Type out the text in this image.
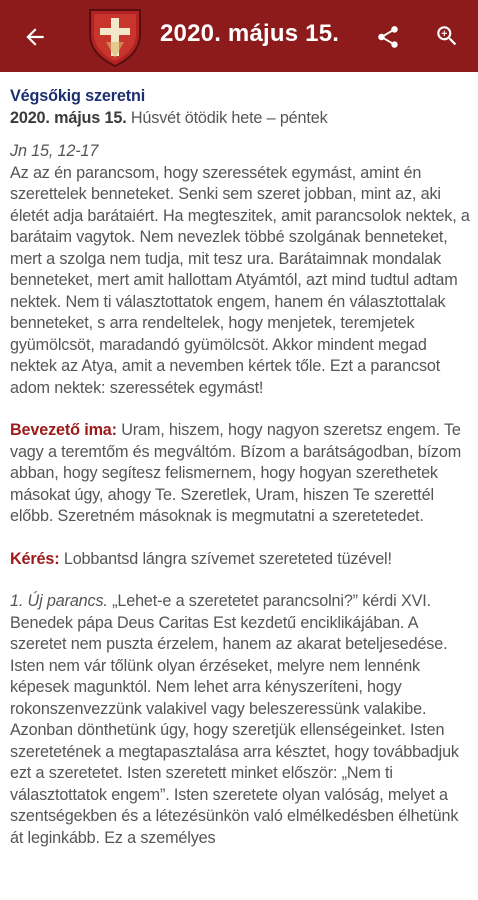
2020. május 15.
Végsőkig szeretni
2020. május 15. Húsvét ötödik hete – péntek
Jn 15, 12-17
Az az én parancsom, hogy szeressétek egymást, amint én szerettelek benneteket. Senki sem szeret jobban, mint az, aki életét adja barátaiért. Ha megteszitek, amit parancsolok nektek, a barátaim vagytok. Nem nevezlek többé szolgának benneteket, mert a szolga nem tudja, mit tesz ura. Barátaimnak mondalak benneteket, mert amit hallottam Atyámtól, azt mind tudtul adtam nektek. Nem ti választottatok engem, hanem én választottalak benneteket, s arra rendeltelek, hogy menjetek, teremjetek gyümölcsöt, maradandó gyümölcsöt. Akkor mindent megad nektek az Atya, amit a nevemben kértek tőle. Ezt a parancsot adom nektek: szeressétek egymást!
Bevezető ima: Uram, hiszem, hogy nagyon szeretsz engem. Te vagy a teremtőm és megváltóm. Bízom a barátságodban, bízom abban, hogy segítesz felismernem, hogy hogyan szerethetek másokat úgy, ahogy Te. Szeretlek, Uram, hiszen Te szerettél előbb. Szeretném másoknak is megmutatni a szeretetedet.
Kérés: Lobbantsd lángra szívemet szereteted tüzével!
1. Új parancs. „Lehet-e a szeretetet parancsolni?” kérdi XVI. Benedek pápa Deus Caritas Est kezdetű enciklikájában. A szeretet nem puszta érzelem, hanem az akarat beteljesedése. Isten nem vár tőlünk olyan érzéseket, melyre nem lennénk képesek magunktól. Nem lehet arra kényszeríteni, hogy rokonszenvezzünk valakivel vagy beleszeressünk valakibe. Azonban dönthetünk úgy, hogy szeretjük ellenségeinket. Isten szeretetének a megtapasztalása arra késztet, hogy továbbadjuk ezt a szeretetet. Isten szeretett minket először: „Nem ti választottatok engem”. Isten szeretete olyan valóság, melyet a szentségekben és a létezésünkön való elmélkedésben élhetünk át leginkább. Ez a személyes
